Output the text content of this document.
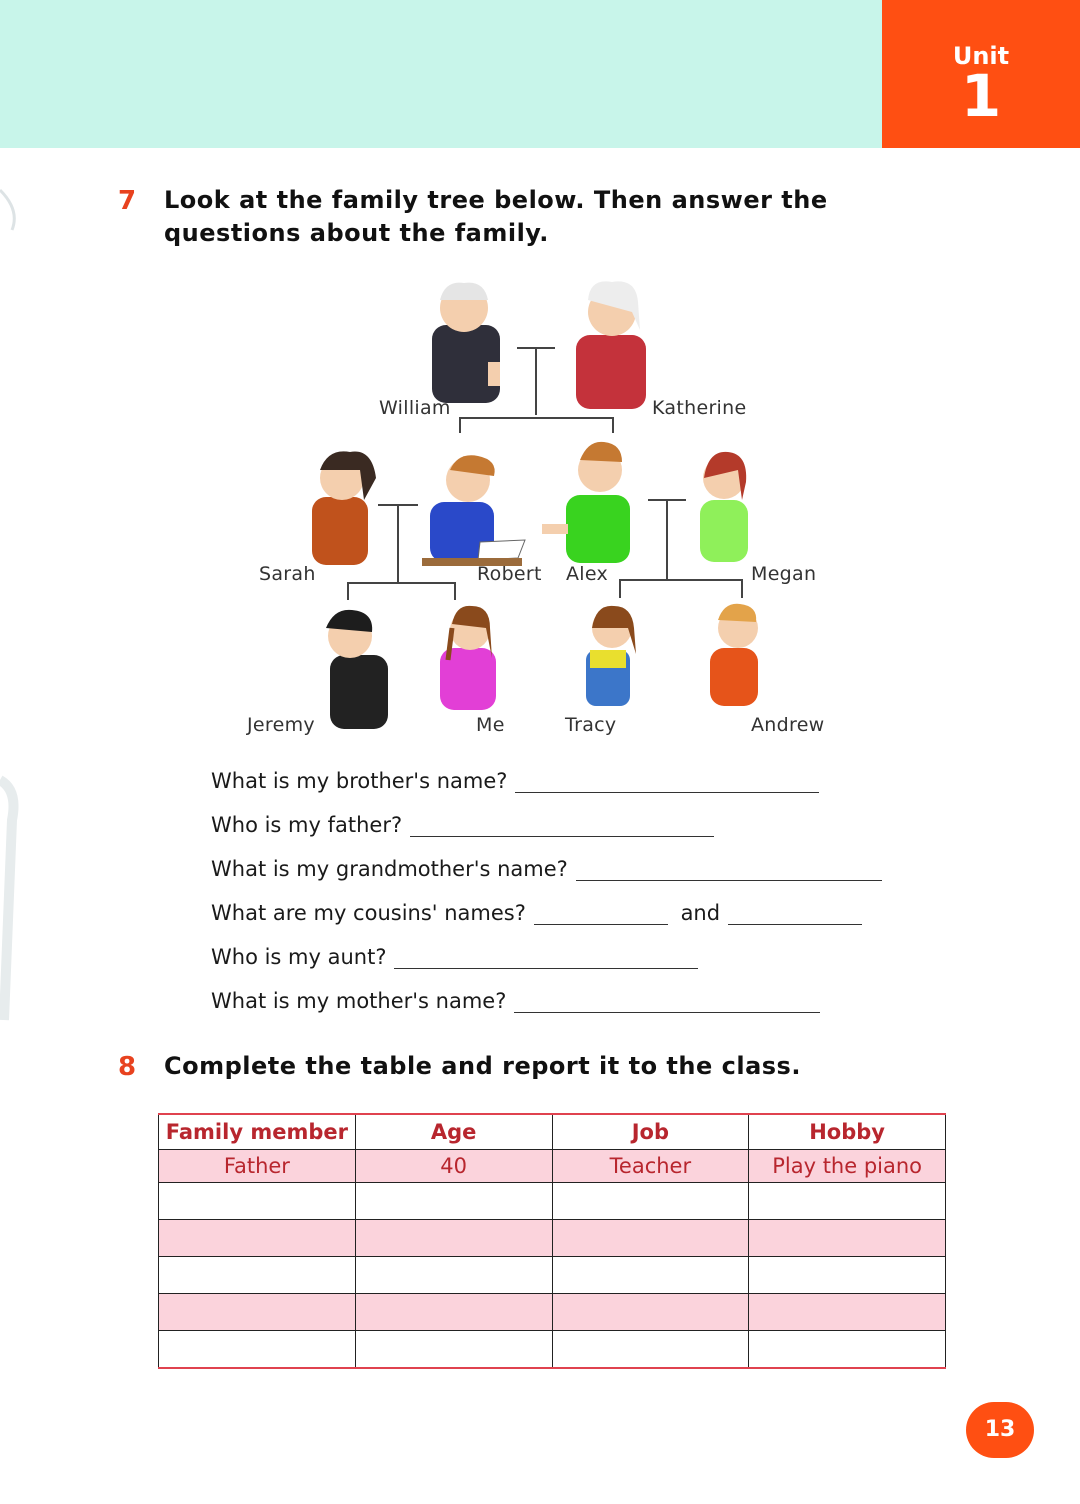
Unit
1
7 Look at the family tree below. Then answer the
questions about the family.
William	Katherine
Sarah	Robert Alex	Megan
Jeremy	Me	Tracy	Andrew
What is my brother's name?
Who is my father?
What is my grandmother's name?
What are my cousins' names?	and
Who is my aunt?
What is my mother's name?
8 Complete the table and report it to the class.
Family member	Age	Job	Hobby
Father	40	Teacher	Play the piano

13
